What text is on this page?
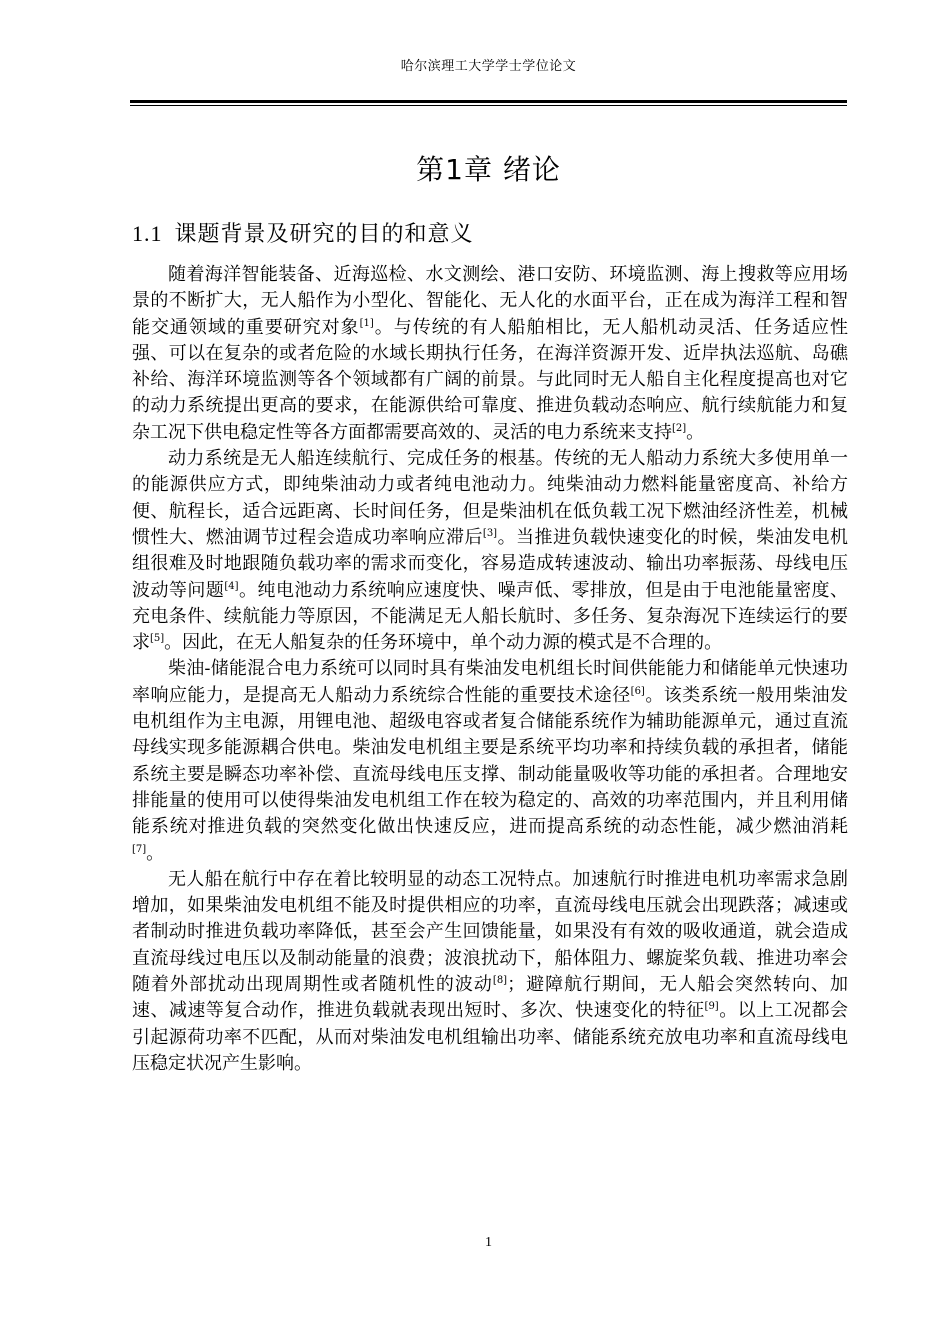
哈尔滨理工大学学士学位论文
第1章 绪论
1.1 课题背景及研究的目的和意义

随着海洋智能装备、近海巡检、水文测绘、港口安防、环境监测、海上搜救等应用场景的不断扩大，无人船作为小型化、智能化、无人化的水面平台，正在成为海洋工程和智能交通领域的重要研究对象[1]。与传统的有人船舶相比，无人船机动灵活、任务适应性强、可以在复杂的或者危险的水域长期执行任务，在海洋资源开发、近岸执法巡航、岛礁补给、海洋环境监测等各个领域都有广阔的前景。与此同时无人船自主化程度提高也对它的动力系统提出更高的要求，在能源供给可靠度、推进负载动态响应、航行续航能力和复杂工况下供电稳定性等各方面都需要高效的、灵活的电力系统来支持[2]。

动力系统是无人船连续航行、完成任务的根基。传统的无人船动力系统大多使用单一的能源供应方式，即纯柴油动力或者纯电池动力。纯柴油动力燃料能量密度高、补给方便、航程长，适合远距离、长时间任务，但是柴油机在低负载工况下燃油经济性差，机械惯性大、燃油调节过程会造成功率响应滞后[3]。当推进负载快速变化的时候，柴油发电机组很难及时地跟随负载功率的需求而变化，容易造成转速波动、输出功率振荡、母线电压波动等问题[4]。纯电池动力系统响应速度快、噪声低、零排放，但是由于电池能量密度、充电条件、续航能力等原因，不能满足无人船长航时、多任务、复杂海况下连续运行的要求[5]。因此，在无人船复杂的任务环境中，单个动力源的模式是不合理的。

柴油-储能混合电力系统可以同时具有柴油发电机组长时间供能能力和储能单元快速功率响应能力，是提高无人船动力系统综合性能的重要技术途径[6]。该类系统一般用柴油发电机组作为主电源，用锂电池、超级电容或者复合储能系统作为辅助能源单元，通过直流母线实现多能源耦合供电。柴油发电机组主要是系统平均功率和持续负载的承担者，储能系统主要是瞬态功率补偿、直流母线电压支撑、制动能量吸收等功能的承担者。合理地安排能量的使用可以使得柴油发电机组工作在较为稳定的、高效的功率范围内，并且利用储能系统对推进负载的突然变化做出快速反应，进而提高系统的动态性能，减少燃油消耗[7]。

无人船在航行中存在着比较明显的动态工况特点。加速航行时推进电机功率需求急剧增加，如果柴油发电机组不能及时提供相应的功率，直流母线电压就会出现跌落；减速或者制动时推进负载功率降低，甚至会产生回馈能量，如果没有有效的吸收通道，就会造成直流母线过电压以及制动能量的浪费；波浪扰动下，船体阻力、螺旋桨负载、推进功率会随着外部扰动出现周期性或者随机性的波动[8]；避障航行期间，无人船会突然转向、加速、减速等复合动作，推进负载就表现出短时、多次、快速变化的特征[9]。以上工况都会引起源荷功率不匹配，从而对柴油发电机组输出功率、储能系统充放电功率和直流母线电压稳定状况产生影响。

1
